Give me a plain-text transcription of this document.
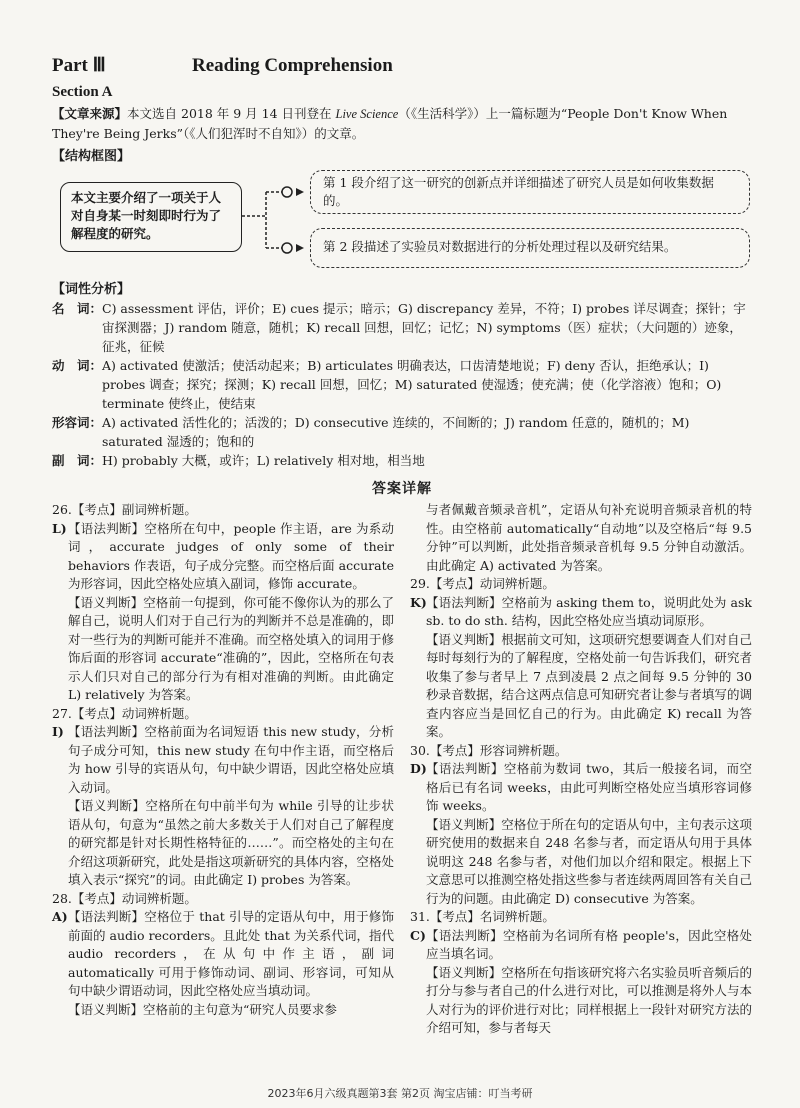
Part Ⅲ	Reading Comprehension
Section A
【文章来源】本文选自 2018 年 9 月 14 日刊登在 Live Science（《生活科学》）上一篇标题为“People Don't Know When They're Being Jerks”（《人们犯浑时不自知》）的文章。
【结构框图】
本文主要介绍了一项关于人对自身某一时刻即时行为了解程度的研究。
第 1 段介绍了这一研究的创新点并详细描述了研究人员是如何收集数据的。
第 2 段描述了实验员对数据进行的分析处理过程以及研究结果。
【词性分析】
名　词： C) assessment 评估，评价；E) cues 提示；暗示；G) discrepancy 差异，不符；I) probes 详尽调查；探针；宇宙探测器；J) random 随意，随机；K) recall 回想，回忆；记忆；N) symptoms（医）症状；（大问题的）迹象，征兆，征候
动　词： A) activated 使激活；使活动起来；B) articulates 明确表达，口齿清楚地说；F) deny 否认，拒绝承认；I) probes 调查；探究；探测；K) recall 回想，回忆；M) saturated 使湿透；使充满；使（化学溶液）饱和；O) terminate 使终止，使结束
形容词： A) activated 活性化的；活泼的；D) consecutive 连续的，不间断的；J) random 任意的，随机的；M) saturated 湿透的；饱和的
副　词： H) probably 大概，或许；L) relatively 相对地，相当地
答案详解
26.【考点】副词辨析题。
L) 【语法判断】空格所在句中，people 作主语，are 为系动词，accurate judges of only some of their behaviors 作表语，句子成分完整。而空格后面 accurate 为形容词，因此空格处应填入副词，修饰 accurate。
【语义判断】空格前一句提到，你可能不像你认为的那么了解自己，说明人们对于自己行为的判断并不总是准确的，即对一些行为的判断可能并不准确。而空格处填入的词用于修饰后面的形容词 accurate“准确的”，因此，空格所在句表示人们只对自己的部分行为有相对准确的判断。由此确定 L) relatively 为答案。
27.【考点】动词辨析题。
I) 【语法判断】空格前面为名词短语 this new study，分析句子成分可知，this new study 在句中作主语，而空格后为 how 引导的宾语从句，句中缺少谓语，因此空格处应填入动词。
【语义判断】空格所在句中前半句为 while 引导的让步状语从句，句意为“虽然之前大多数关于人们对自己了解程度的研究都是针对长期性格特征的……”。而空格处的主句在介绍这项新研究，此处是指这项新研究的具体内容，空格处填入表示“探究”的词。由此确定 I) probes 为答案。
28.【考点】动词辨析题。
A) 【语法判断】空格位于 that 引导的定语从句中，用于修饰前面的 audio recorders。且此处 that 为关系代词，指代 audio recorders，在从句中作主语，副词 automatically 可用于修饰动词、副词、形容词，可知从句中缺少谓语动词，因此空格处应当填动词。
【语义判断】空格前的主句意为“研究人员要求参
与者佩戴音频录音机”，定语从句补充说明音频录音机的特性。由空格前 automatically“自动地”以及空格后“每 9.5 分钟”可以判断，此处指音频录音机每 9.5 分钟自动激活。由此确定 A) activated 为答案。
29.【考点】动词辨析题。
K) 【语法判断】空格前为 asking them to，说明此处为 ask sb. to do sth. 结构，因此空格处应当填动词原形。
【语义判断】根据前文可知，这项研究想要调查人们对自己每时每刻行为的了解程度，空格处前一句告诉我们，研究者收集了参与者早上 7 点到凌晨 2 点之间每 9.5 分钟的 30 秒录音数据，结合这两点信息可知研究者让参与者填写的调查内容应当是回忆自己的行为。由此确定 K) recall 为答案。
30.【考点】形容词辨析题。
D) 【语法判断】空格前为数词 two，其后一般接名词，而空格后已有名词 weeks，由此可判断空格处应当填形容词修饰 weeks。
【语义判断】空格位于所在句的定语从句中，主句表示这项研究使用的数据来自 248 名参与者，而定语从句用于具体说明这 248 名参与者，对他们加以介绍和限定。根据上下文意思可以推测空格处指这些参与者连续两周回答有关自己行为的问题。由此确定 D) consecutive 为答案。
31.【考点】名词辨析题。
C) 【语法判断】空格前为名词所有格 people's，因此空格处应当填名词。
【语义判断】空格所在句指该研究将六名实验员听音频后的打分与参与者自己的什么进行对比，可以推测是将外人与本人对行为的评价进行对比；同样根据上一段针对研究方法的介绍可知，参与者每天
2023年6月六级真题第3套 第2页 淘宝店铺：叮当考研
